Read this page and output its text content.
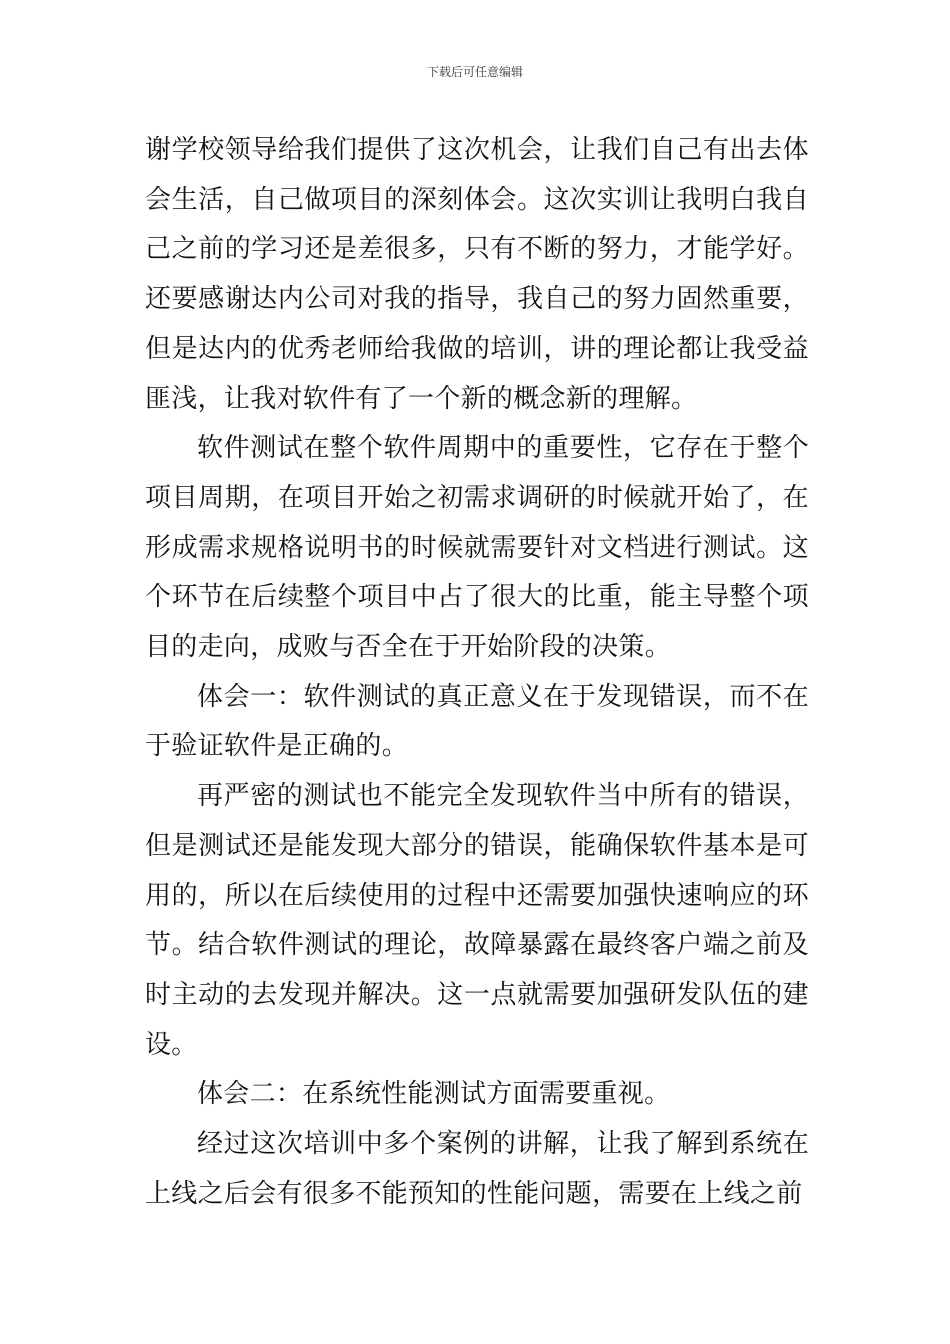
下载后可任意编辑

谢学校领导给我们提供了这次机会，让我们自己有出去体会生活，自己做项目的深刻体会。这次实训让我明白我自己之前的学习还是差很多，只有不断的努力，才能学好。还要感谢达内公司对我的指导，我自己的努力固然重要，但是达内的优秀老师给我做的培训，讲的理论都让我受益匪浅，让我对软件有了一个新的概念新的理解。

软件测试在整个软件周期中的重要性，它存在于整个项目周期，在项目开始之初需求调研的时候就开始了，在形成需求规格说明书的时候就需要针对文档进行测试。这个环节在后续整个项目中占了很大的比重，能主导整个项目的走向，成败与否全在于开始阶段的决策。

体会一：软件测试的真正意义在于发现错误，而不在于验证软件是正确的。

再严密的测试也不能完全发现软件当中所有的错误，但是测试还是能发现大部分的错误，能确保软件基本是可用的，所以在后续使用的过程中还需要加强快速响应的环节。结合软件测试的理论，故障暴露在最终客户端之前及时主动的去发现并解决。这一点就需要加强研发队伍的建设。

体会二：在系统性能测试方面需要重视。

经过这次培训中多个案例的讲解，让我了解到系统在上线之后会有很多不能预知的性能问题，需要在上线之前
